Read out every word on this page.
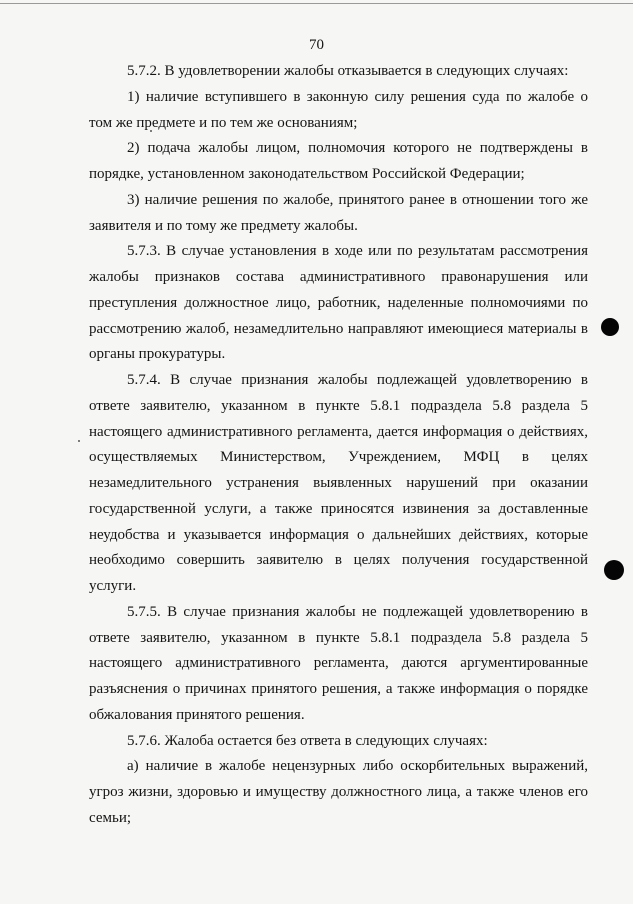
70

5.7.2. В удовлетворении жалобы отказывается в следующих случаях:

1) наличие вступившего в законную силу решения суда по жалобе о том же предмете и по тем же основаниям;

2) подача жалобы лицом, полномочия которого не подтверждены в порядке, установленном законодательством Российской Федерации;

3) наличие решения по жалобе, принятого ранее в отношении того же заявителя и по тому же предмету жалобы.

5.7.3. В случае установления в ходе или по результатам рассмотрения жалобы признаков состава административного правонарушения или преступления должностное лицо, работник, наделенные полномочиями по рассмотрению жалоб, незамедлительно направляют имеющиеся материалы в органы прокуратуры.

5.7.4. В случае признания жалобы подлежащей удовлетворению в ответе заявителю, указанном в пункте 5.8.1 подраздела 5.8 раздела 5 настоящего административного регламента, дается информация о действиях, осуществляемых Министерством, Учреждением, МФЦ в целях незамедлительного устранения выявленных нарушений при оказании государственной услуги, а также приносятся извинения за доставленные неудобства и указывается информация о дальнейших действиях, которые необходимо совершить заявителю в целях получения государственной услуги.

5.7.5. В случае признания жалобы не подлежащей удовлетворению в ответе заявителю, указанном в пункте 5.8.1 подраздела 5.8 раздела 5 настоящего административного регламента, даются аргументированные разъяснения о причинах принятого решения, а также информация о порядке обжалования принятого решения.

5.7.6. Жалоба остается без ответа в следующих случаях:

а) наличие в жалобе нецензурных либо оскорбительных выражений, угроз жизни, здоровью и имуществу должностного лица, а также членов его семьи;
